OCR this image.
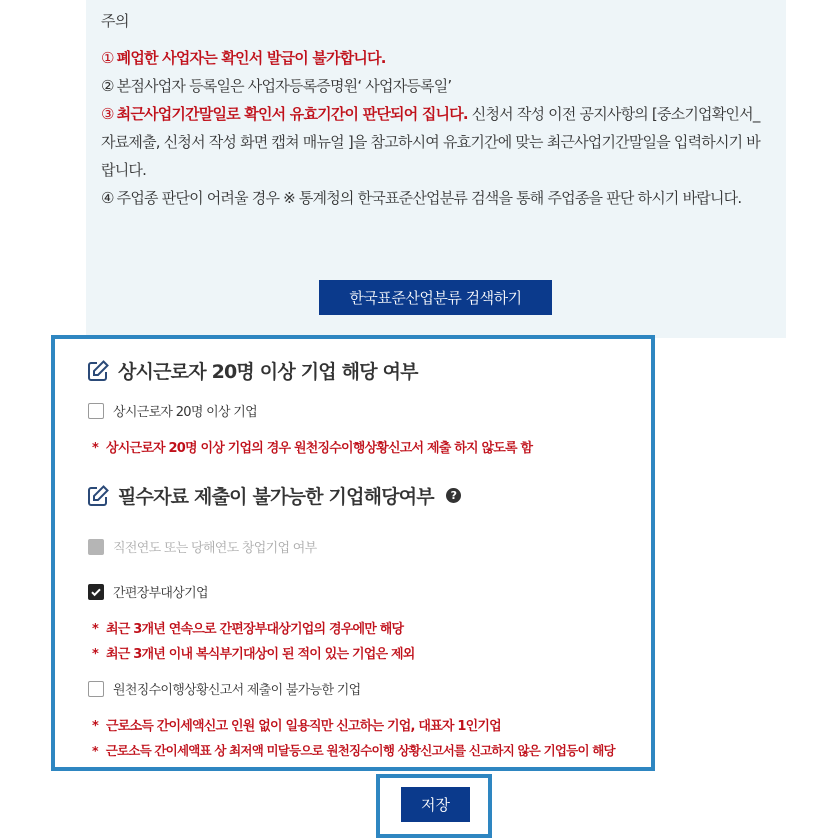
주의

① 폐업한 사업자는 확인서 발급이 불가합니다.

② 본점사업자 등록일은 사업자등록증명원‘ 사업자등록일’

③ 최근사업기간말일로 확인서 유효기간이 판단되어 집니다. 신청서 작성 이전 공지사항의 [중소기업확인서_자료제출, 신청서 작성 화면 캡쳐 매뉴얼 ]을 참고하시여 유효기간에 맞는 최근사업기간말일을 입력하시기 바랍니다.

④ 주업종 판단이 어려울 경우 ※ 통계청의 한국표준산업분류 검색을 통해 주업종을 판단 하시기 바랍니다.

한국표준산업분류 검색하기
상시근로자 20명 이상 기업 해당 여부
상시근로자 20명 이상 기업
* 상시근로자 20명 이상 기업의 경우 원천징수이행상황신고서 제출 하지 않도록 함
필수자료 제출이 불가능한 기업해당여부	?
직전연도 또는 당해연도 창업기업 여부
간편장부대상기업
* 최근 3개년 연속으로 간편장부대상기업의 경우에만 해당
* 최근 3개년 이내 복식부기대상이 된 적이 있는 기업은 제외
원천징수이행상황신고서 제출이 불가능한 기업
* 근로소득 간이세액신고 인원 없이 일용직만 신고하는 기업, 대표자 1인기업
* 근로소득 간이세액표 상 최저액 미달등으로 원천징수이행 상황신고서를 신고하지 않은 기업등이 해당
저장
